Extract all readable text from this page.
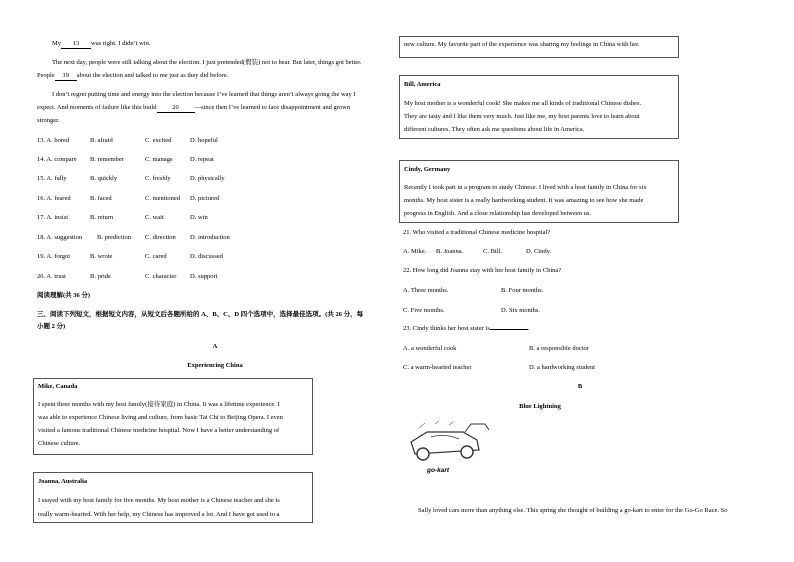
My 13 was right. I didn’t win.
The next day, people were still talking about the election. I just pretended(假装) not to hear. But later, things got better.
People 19 about the election and talked to me just as they did before.
I don’t regret putting time and energy into the election because I’ve learned that things aren’t always going the way I
expect. And moments of failure like this build 20 —since then I’ve learned to face disappointment and grown
stronger.
13. A. bored	B. afraid	C. excited	D. hopeful
14. A. compare B. remember	C. manage	D. repeat
15. A. fully	B. quickly	C. freshly	D. physically
16. A. feared	B. faced	C. mentioned D. pictured
17. A. insist	B. return	C. wait	D. win
18. A. suggestion B. prediction C. direction D. introduction
19. A. forgot	B. wrote	C. cared	D. discussed
20. A. trust	B. pride	C. character D. support
阅读理解(共 36 分)
三、阅读下列短文，根据短文内容，从短文后各题所给的 A、B、C、D 四个选项中，选择最佳选项。(共 26 分，每
小题 2 分)
A
Experiencing China
Mike, Canada
I spent three months with my host family(接待家庭) in China. It was a lifetime experience. I
was able to experience Chinese living and culture, from basic Tai Chi to Beijing Opera. I even
visited a famous traditional Chinese medicine hospital. Now I have a better understanding of
Chinese culture.
Joanna, Australia
I stayed with my host family for five months. My host mother is a Chinese teacher and she is
really warm-hearted. With her help, my Chinese has improved a lot. And I have got used to a
new culture. My favorite part of the experience was sharing my feelings in China with her.
Bill, America
My host mother is a wonderful cook! She makes me all kinds of traditional Chinese dishes.
They are tasty and I like them very much. Just like me, my host parents love to learn about
different cultures. They often ask me questions about life in America.
Cindy, Germany
Recently I took part in a program to study Chinese. I lived with a host family in China for six
months. My host sister is a really hardworking student. It was amazing to see how she made
progress in English. And a close relationship has developed between us.
21. Who visited a traditional Chinese medicine hospital?
A. Mike. B. Joanna.	C. Bill.	D. Cindy.
22. How long did Joanna stay with her host family in China?
A. Three months.	B. Four months.
C. Five months.	D. Six months.
23. Cindy thinks her host sister is	.
A. a wonderful cook	B. a responsible doctor
C. a warm-hearted teacher	D. a hardworking student
B
Blue Lightning
go-kart
Sally loved cars more than anything else. This spring she thought of building a go-kart to enter for the Go-Go Race. So
